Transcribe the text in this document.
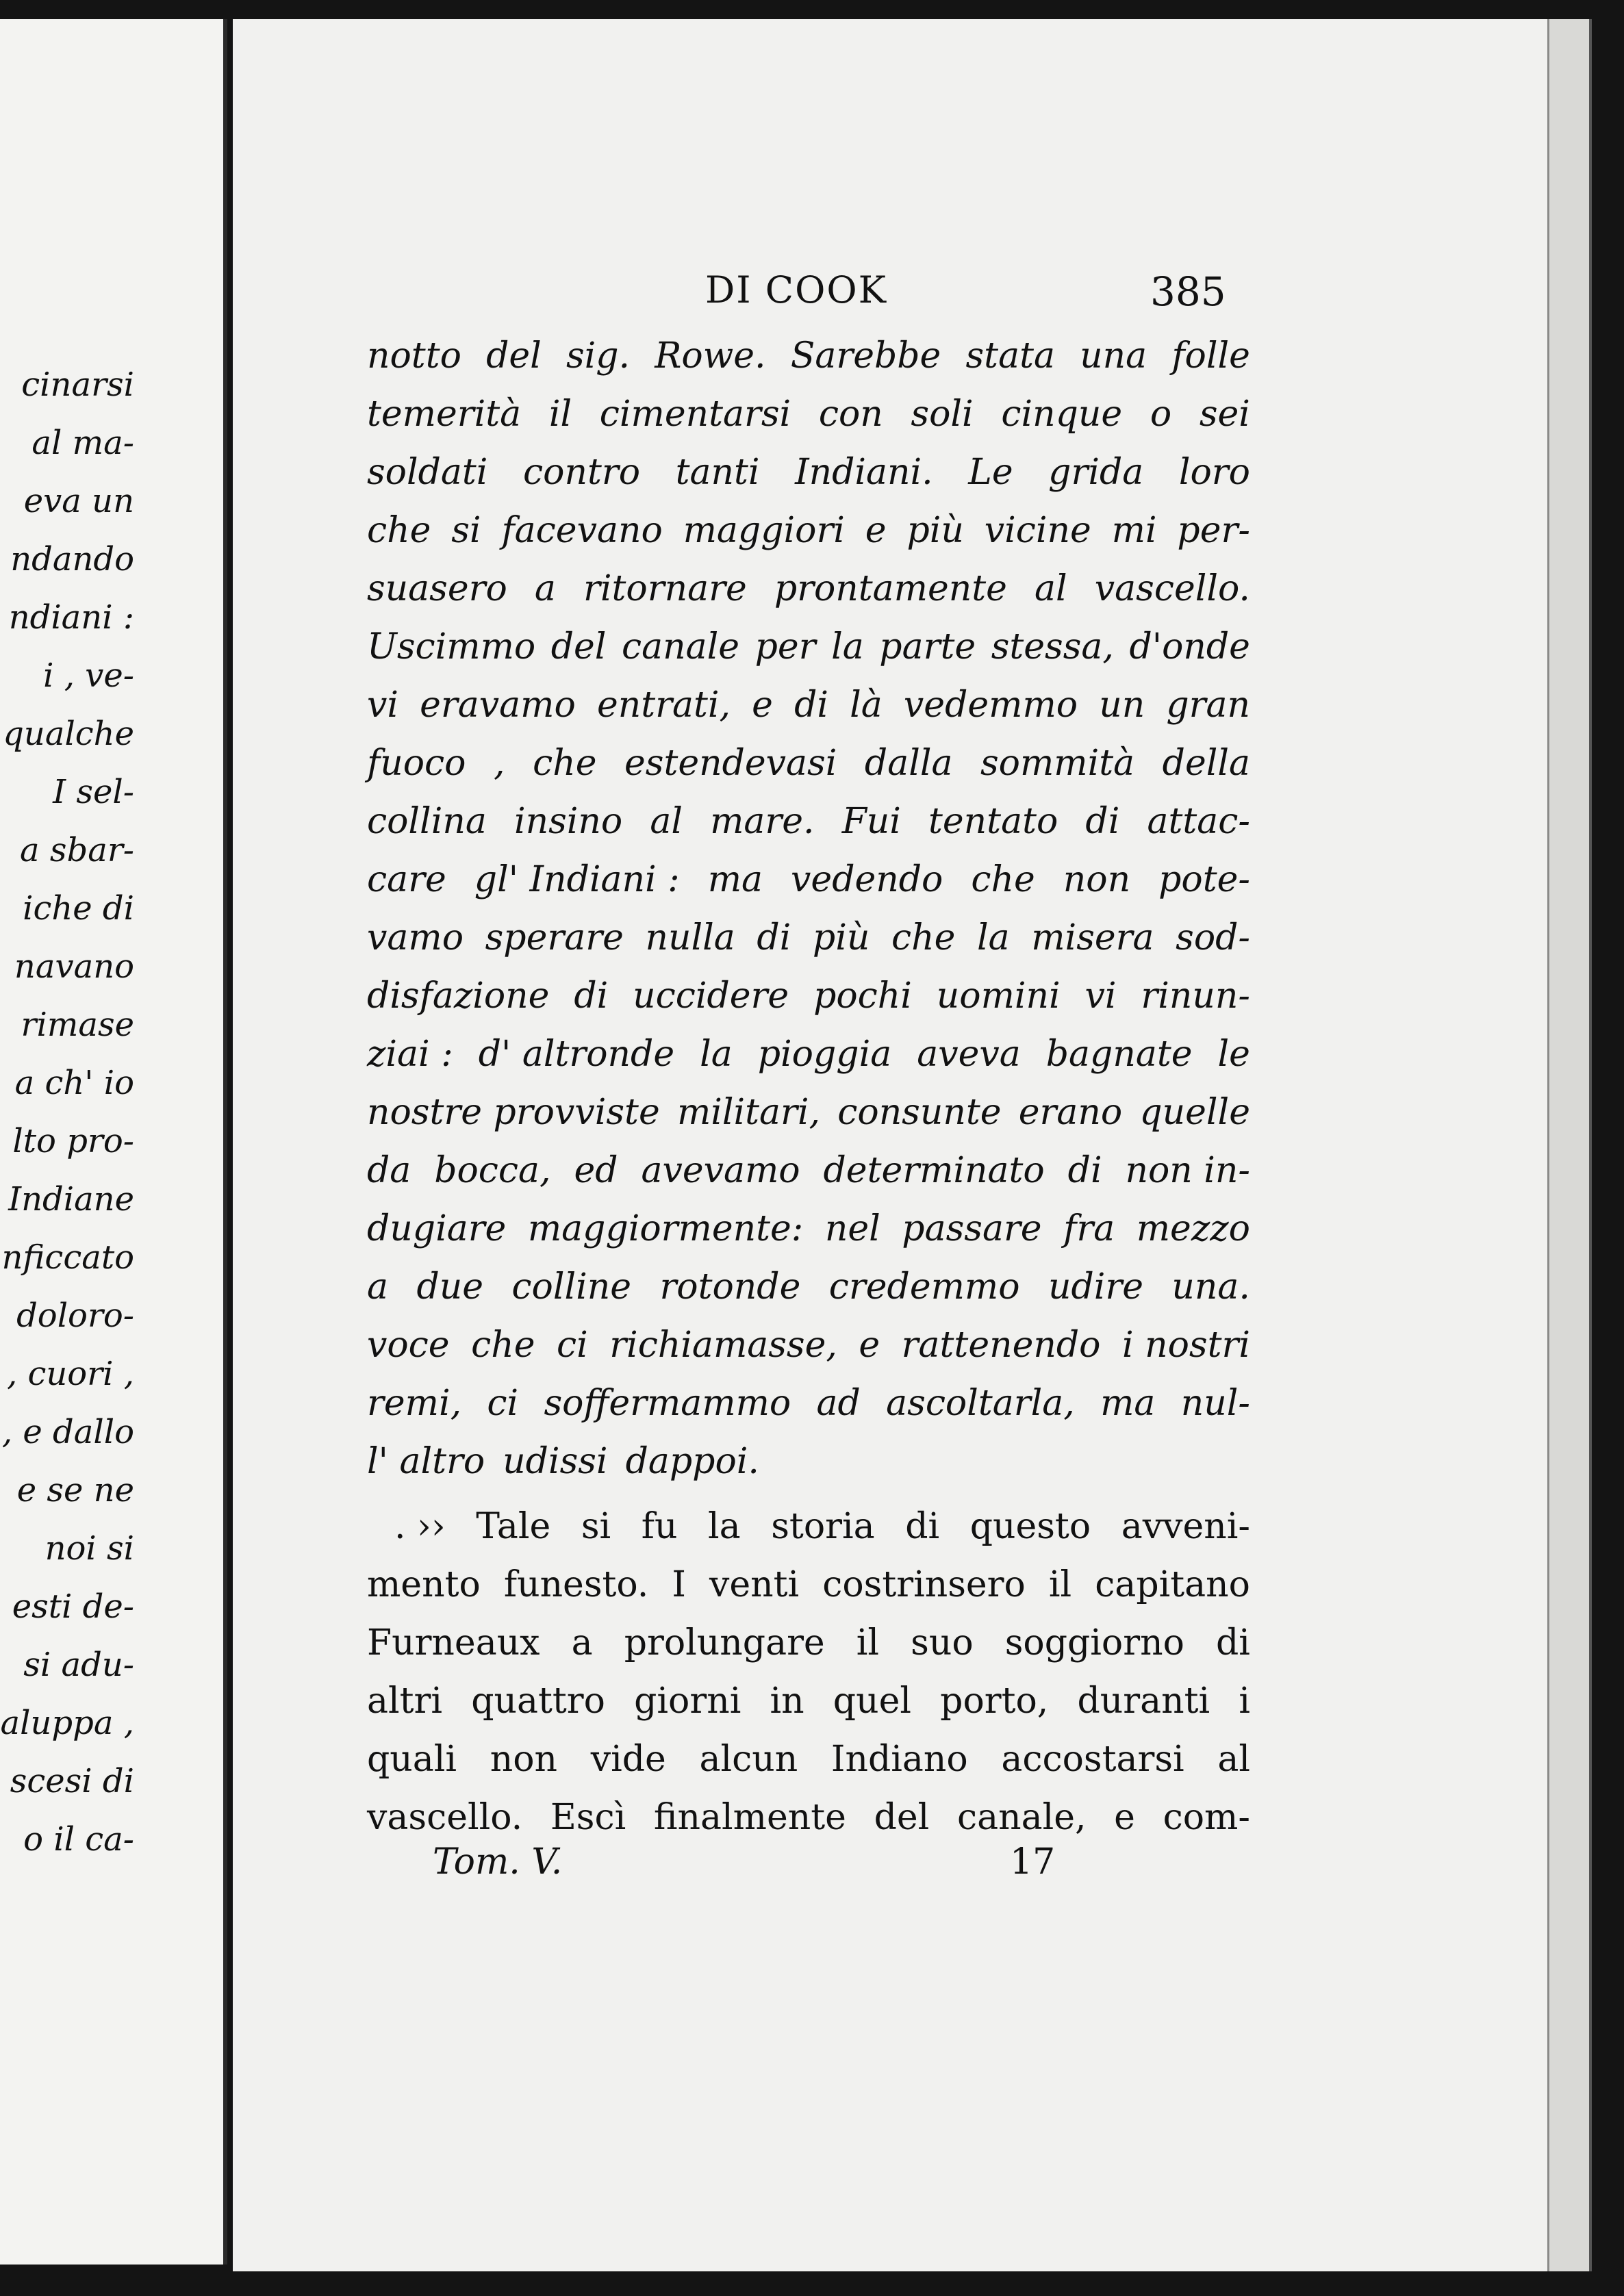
cinarsi
al ma-
eva un
ndando
ndiani :
i , ve-
qualche
I sel-
a sbar-
iche di
navano
rimase
a ch' io
lto pro-
Indiane
nficcato
doloro-
, cuori ,
, e dallo
e se ne
noi si
esti de-
si adu-
aluppa ,
scesi di
o il ca-
DI COOK	385
notto del sig. Rowe. Sarebbe stata una folle
temerità il cimentarsi con soli cinque o sei
soldati contro tanti Indiani. Le grida loro
che si facevano maggiori e più vicine mi per-
suasero a ritornare prontamente al vascello.
Uscimmo del canale per la parte stessa, d'onde
vi eravamo entrati, e di là vedemmo un gran
fuoco , che estendevasi dalla sommità della
collina insino al mare. Fui tentato di attac-
care gl' Indiani : ma vedendo che non pote-
vamo sperare nulla di più che la misera sod-
disfazione di uccidere pochi uomini vi rinun-
ziai : d' altronde la pioggia aveva bagnate le
nostre provviste militari, consunte erano quelle
da bocca, ed avevamo determinato di non in-
dugiare maggiormente: nel passare fra mezzo
a due colline rotonde credemmo udire una.
voce che ci richiamasse, e rattenendo i nostri
remi, ci soffermammo ad ascoltarla, ma nul-
l' altro udissi dappoi.
. ›› Tale si fu la storia di questo avveni-
mento funesto. I venti costrinsero il capitano
Furneaux a prolungare il suo soggiorno di
altri quattro giorni in quel porto, duranti i
quali non vide alcun Indiano accostarsi al
vascello. Escì finalmente del canale, e com-
Tom. V.	17
